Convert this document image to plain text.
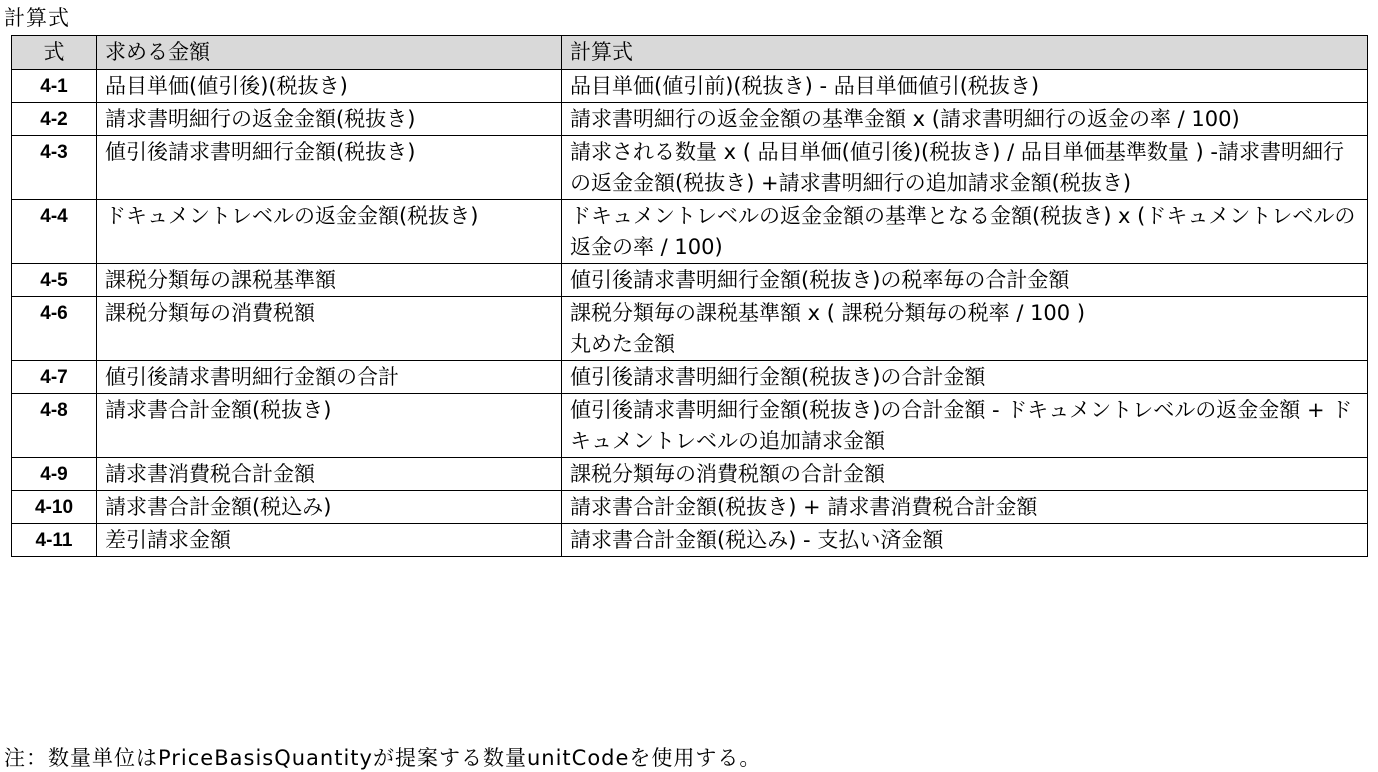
計算式
式	求める金額	計算式
4-1	品目単価(値引後)(税抜き)	品目単価(値引前)(税抜き) - 品目単価値引(税抜き)
4-2	請求書明細行の返金金額(税抜き)	請求書明細行の返金金額の基準金額 x (請求書明細行の返金の率 / 100)
4-3	値引後請求書明細行金額(税抜き)	請求される数量 x ( 品目単価(値引後)(税抜き) / 品目単価基準数量 ) -請求書明細行の返金金額(税抜き) +請求書明細行の追加請求金額(税抜き)
4-4	ドキュメントレベルの返金金額(税抜き)	ドキュメントレベルの返金金額の基準となる金額(税抜き) x (ドキュメントレベルの返金の率 / 100)
4-5	課税分類毎の課税基準額	値引後請求書明細行金額(税抜き)の税率毎の合計金額
4-6	課税分類毎の消費税額	課税分類毎の課税基準額 x ( 課税分類毎の税率 / 100 )
丸めた金額
4-7	値引後請求書明細行金額の合計	値引後請求書明細行金額(税抜き)の合計金額
4-8	請求書合計金額(税抜き)	値引後請求書明細行金額(税抜き)の合計金額 - ドキュメントレベルの返金金額 + ドキュメントレベルの追加請求金額
4-9	請求書消費税合計金額	課税分類毎の消費税額の合計金額
4-10	請求書合計金額(税込み)	請求書合計金額(税抜き) + 請求書消費税合計金額
4-11	差引請求金額	請求書合計金額(税込み) - 支払い済金額
注：数量単位はPriceBasisQuantityが提案する数量unitCodeを使用する。
